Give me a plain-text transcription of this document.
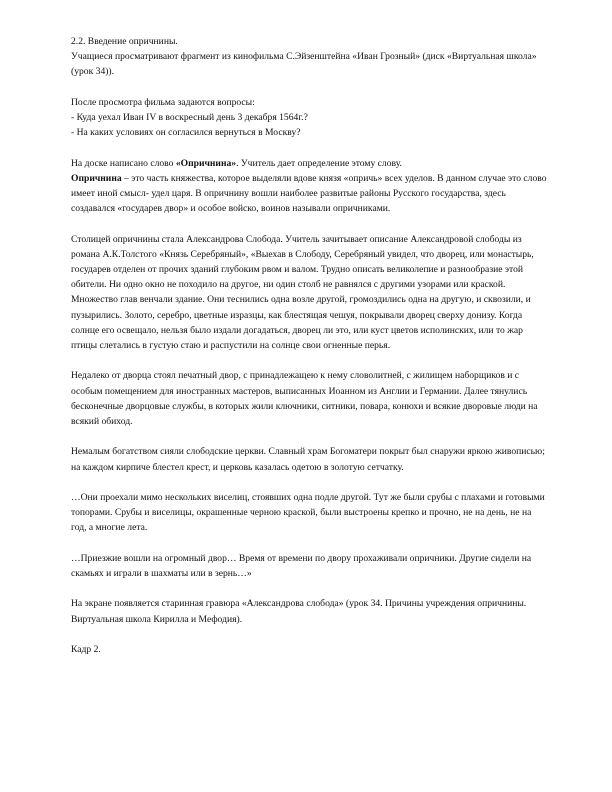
2.2. Введение опричнины.

Учащиеся просматривают фрагмент из кинофильма С.Эйзенштейна «Иван Грозный» (диск «Виртуальная школа» (урок 34)).

После просмотра фильма задаются вопросы:

- Куда уехал Иван IV в воскресный день 3 декабря 1564г.?

- На каких условиях он согласился вернуться в Москву?

На доске написано слово «Опричнина». Учитель дает определение этому слову.

Опричнина – это часть княжества, которое выделяли вдове князя «опричь» всех уделов. В данном случае это слово имеет иной смысл- удел царя. В опричнину вошли наиболее развитые районы Русского государства, здесь создавался «государев двор» и особое войско, воинов называли опричниками.

Столицей опричнины стала Александрова Слобода. Учитель зачитывает описание Александровой слободы из романа А.К.Толстого «Князь Серебряный», «Выехав в Слободу, Серебряный увидел, что дворец, или монастырь, государев отделен от прочих зданий глубоким рвом и валом. Трудно описать великолепие и разнообразие этой обители. Ни одно окно не походило на другое, ни один столб не равнялся с другими узорами или краской. Множество глав венчали здание. Они теснились одна возле другой, громоздились одна на другую, и сквозили, и пузырились. Золото, серебро, цветные изразцы, как блестящая чешуя, покрывали дворец сверху донизу. Когда солнце его освещало, нельзя было издали догадаться, дворец ли это, или куст цветов исполинских, или то жар птицы слетались в густую стаю и распустили на солнце свои огненные перья.

Недалеко от дворца стоял печатный двор, с принадлежащею к нему словолитней, с жилищем наборщиков и с особым помещением для иностранных мастеров, выписанных Иоанном из Англии и Германии. Далее тянулись бесконечные дворцовые службы, в которых жили ключники, ситники, повара, конюхи и всякие дворовые люди на всякий обиход.

Немалым богатством сияли слободские церкви. Славный храм Богоматери покрыт был снаружи яркою живописью; на каждом кирпиче блестел крест, и церковь казалась одетою в золотую сетчатку.

…Они проехали мимо нескольких виселиц, стоявших одна подле другой. Тут же были срубы с плахами и готовыми топорами. Срубы и виселицы, окрашенные черною краской, были выстроены крепко и прочно, не на день, не на год, а многие лета.

…Приезжие вошли на огромный двор… Время от времени по двору прохаживали опричники. Другие сидели на скамьях и играли в шахматы или в зернь…»

На экране появляется старинная гравюра «Александрова слобода» (урок 34. Причины учреждения опричнины. Виртуальная школа Кирилла и Мефодия).

Кадр 2.
